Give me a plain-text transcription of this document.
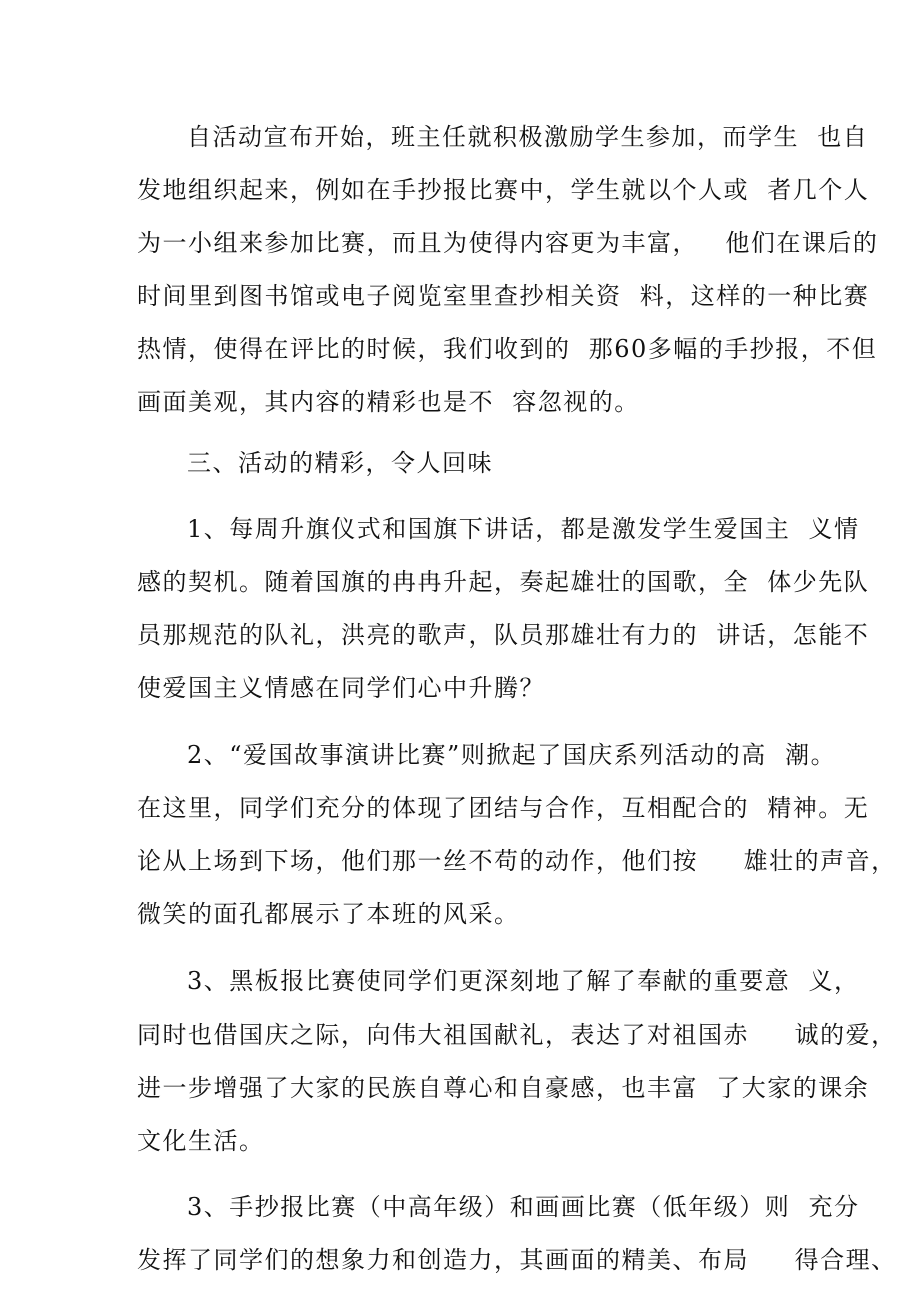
自活动宣布开始，班主任就积极激励学生参加，而学生  也自
发地组织起来，例如在手抄报比赛中，学生就以个人或  者几个人
为一小组来参加比赛，而且为使得内容更为丰富，   他们在课后的
时间里到图书馆或电子阅览室里查抄相关资  料，这样的一种比赛
热情，使得在评比的时候，我们收到的  那60多幅的手抄报，不但
画面美观，其内容的精彩也是不  容忽视的。
三、活动的精彩，令人回味
1、每周升旗仪式和国旗下讲话，都是激发学生爱国主  义情
感的契机。随着国旗的冉冉升起，奏起雄壮的国歌，全  体少先队
员那规范的队礼，洪亮的歌声，队员那雄壮有力的  讲话，怎能不
使爱国主义情感在同学们心中升腾？
2、“爱国故事演讲比赛”则掀起了国庆系列活动的高  潮。
在这里，同学们充分的体现了团结与合作，互相配合的  精神。无
论从上场到下场，他们那一丝不苟的动作，他们按     雄壮的声音，
微笑的面孔都展示了本班的风采。
3、黑板报比赛使同学们更深刻地了解了奉献的重要意  义，
同时也借国庆之际，向伟大祖国献礼，表达了对祖国赤     诚的爱，
进一步增强了大家的民族自尊心和自豪感，也丰富  了大家的课余
文化生活。
3、手抄报比赛（中高年级）和画画比赛（低年级）则  充分
发挥了同学们的想象力和创造力，其画面的精美、布局     得合理、
